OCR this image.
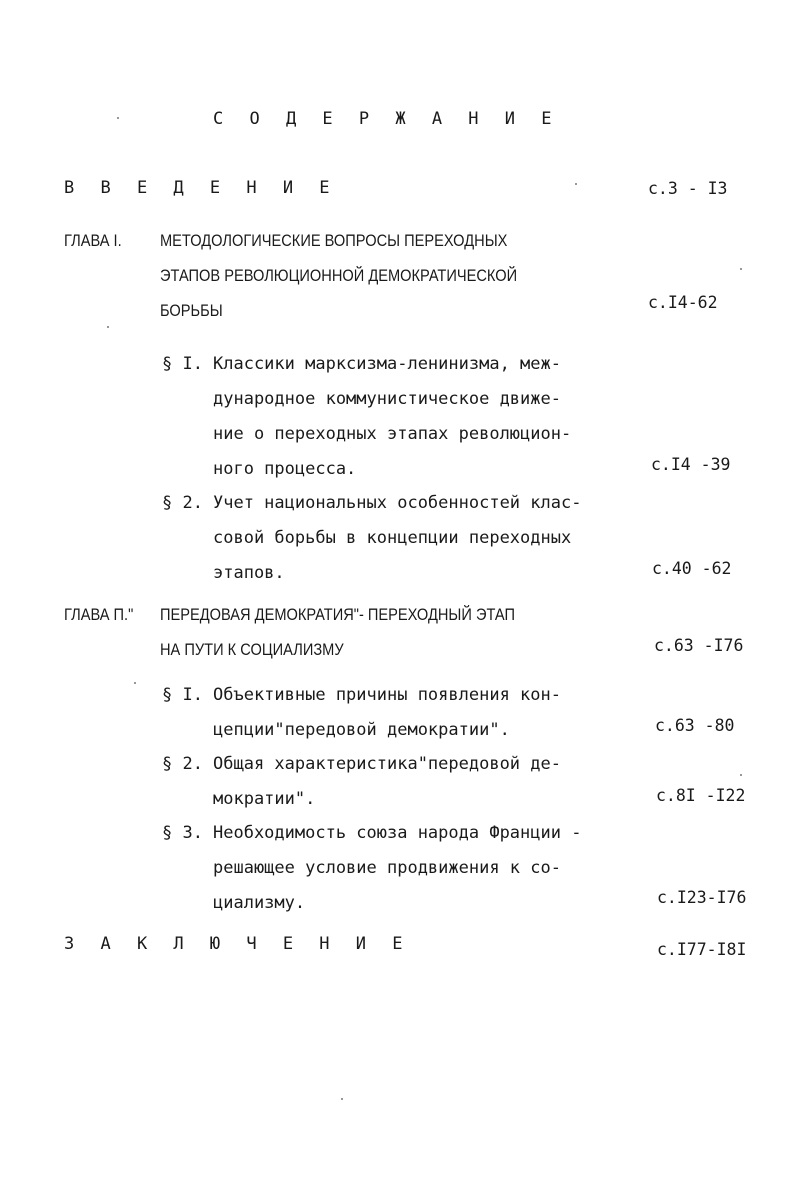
С О Д Е Р Ж А Н И Е
В В Е Д Е Н И Е	с.3 - I3
ГЛАВА I. МЕТОДОЛОГИЧЕСКИЕ ВОПРОСЫ ПЕРЕХОДНЫХ
ЭТАПОВ РЕВОЛЮЦИОННОЙ ДЕМОКРАТИЧЕСКОЙ
БОРЬБЫ	с.I4-62
§ I. Классики марксизма-ленинизма, меж-
дународное коммунистическое движе-
ние о переходных этапах революцион-
ного процесса.	с.I4 -39
§ 2. Учет национальных особенностей клас-
совой борьбы в концепции переходных
этапов.	с.40 -62
ГЛАВА П." ПЕРЕДОВАЯ ДЕМОКРАТИЯ"- ПЕРЕХОДНЫЙ ЭТАП
НА ПУТИ К СОЦИАЛИЗМУ	с.63 -I76
§ I. Объективные причины появления кон-
цепции"передовой демократии".	с.63 -80
§ 2. Общая характеристика"передовой де-
мократии".	с.8I -I22
§ 3. Необходимость союза народа Франции -
решающее условие продвижения к со-
циализму.	с.I23-I76
З А К Л Ю Ч Е Н И Е	с.I77-I8I
